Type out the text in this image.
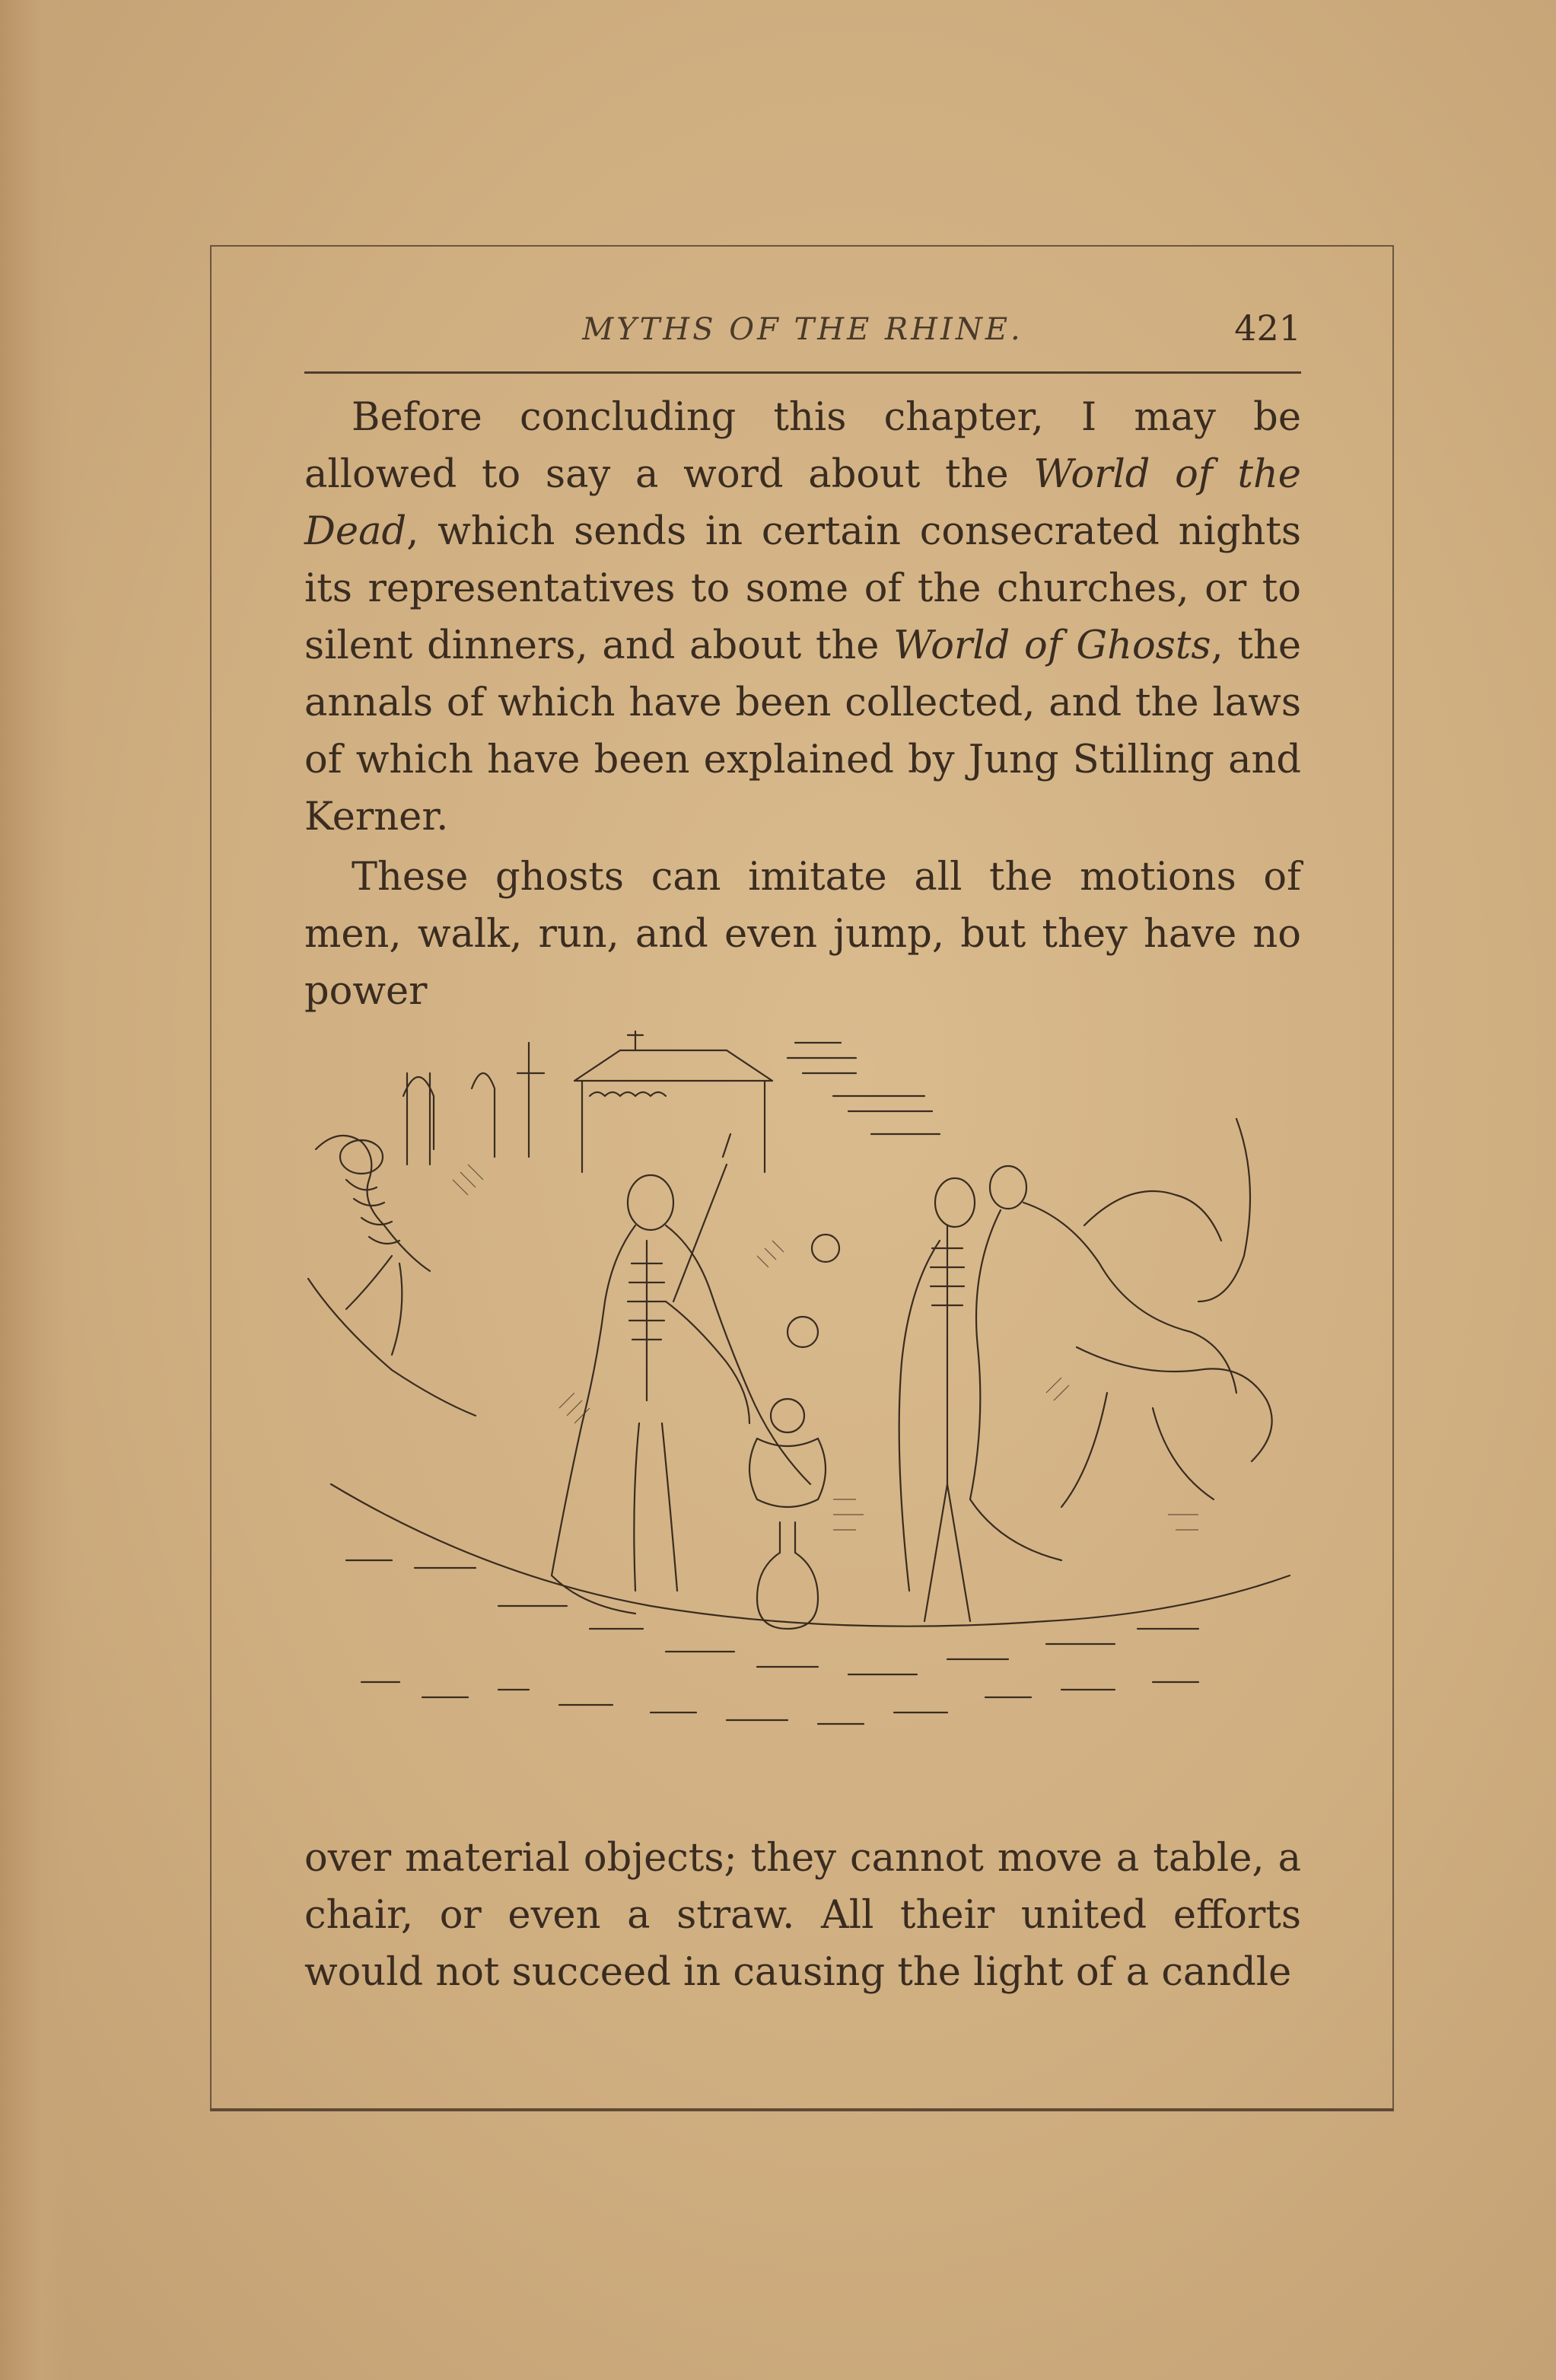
MYTHS OF THE RHINE.	421

Before concluding this chapter, I may be allowed to say a word about the World of the Dead, which sends in certain consecrated nights its representatives to some of the churches, or to silent dinners, and about the World of Ghosts, the annals of which have been collected, and the laws of which have been explained by Jung Stilling and Kerner.

These ghosts can imitate all the motions of men, walk, run, and even jump, but they have no power

over material objects; they cannot move a table, a chair, or even a straw. All their united efforts would not succeed in causing the light of a candle
